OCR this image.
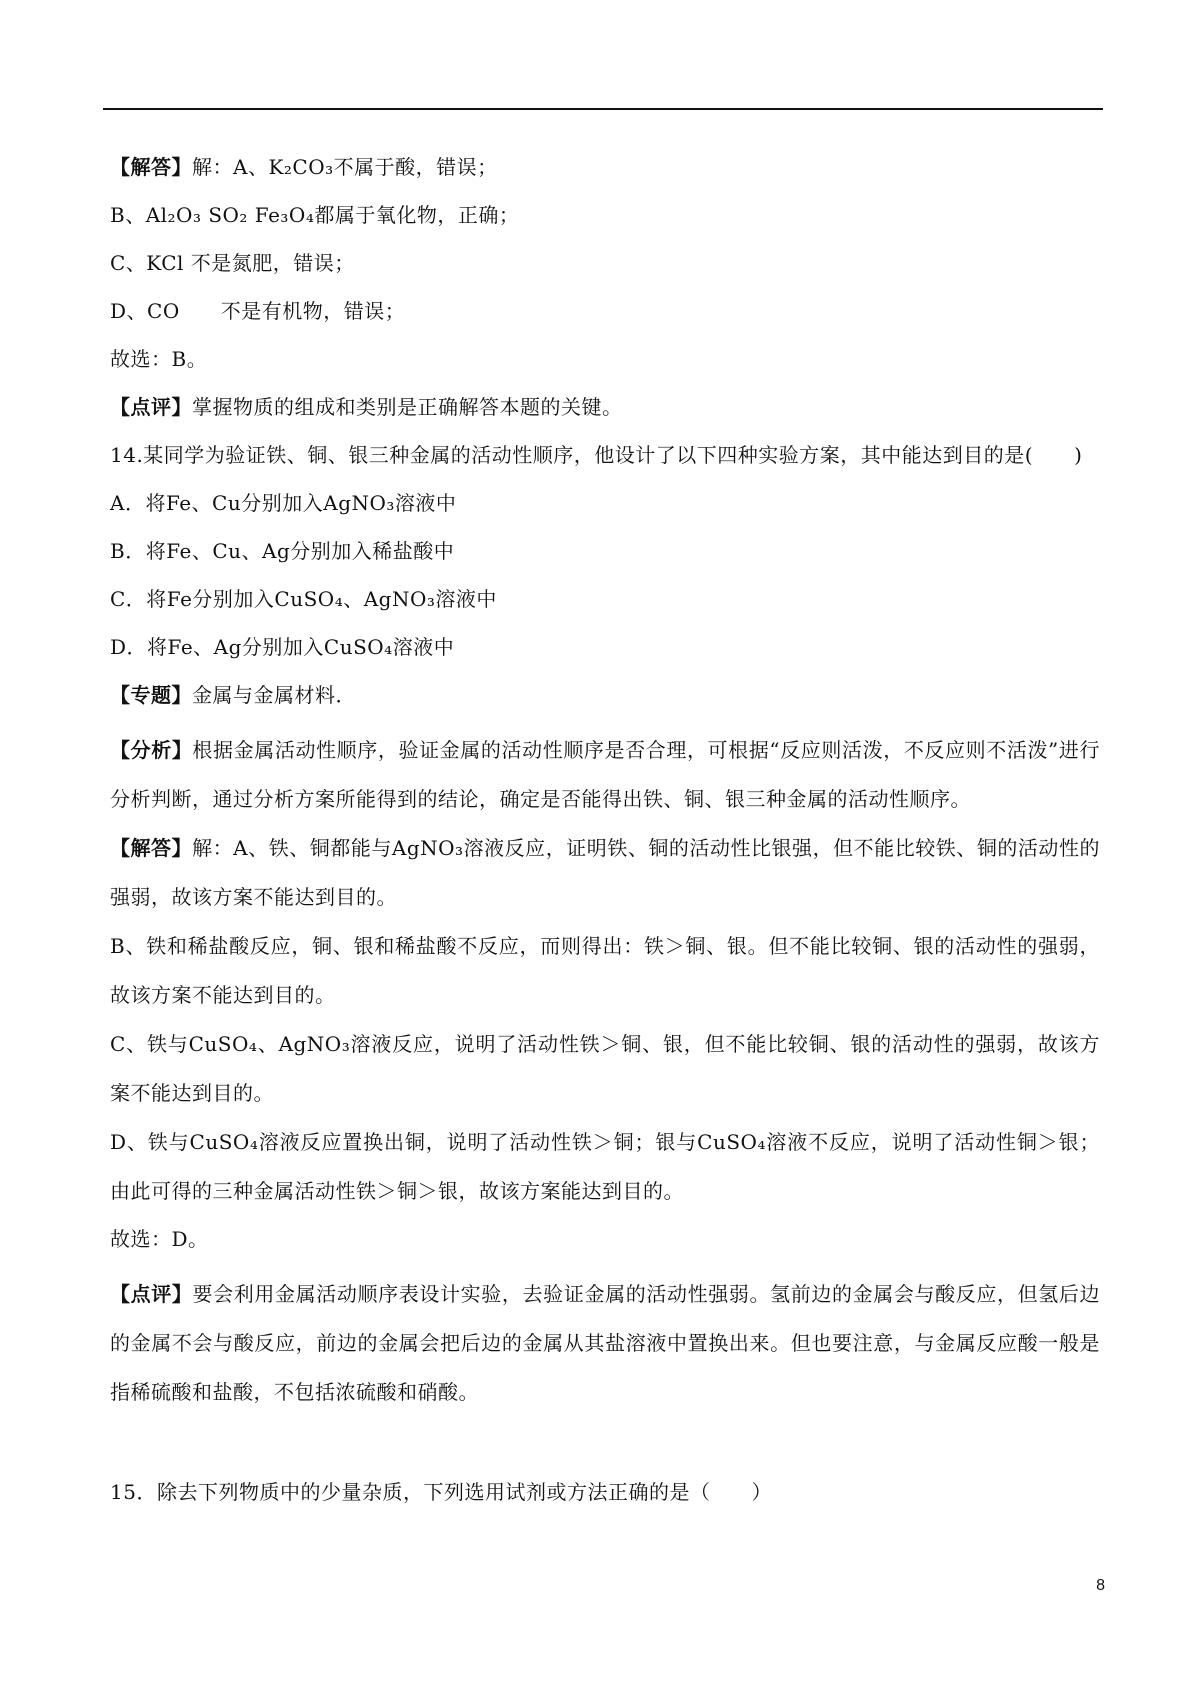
【解答】解：A、K₂CO₃不属于酸，错误；

B、Al₂O₃ SO₂ Fe₃O₄都属于氧化物，正确；

C、KCl 不是氮肥，错误；

D、CO　　不是有机物，错误；

故选：B。

【点评】掌握物质的组成和类别是正确解答本题的关键。

14.某同学为验证铁、铜、银三种金属的活动性顺序，他设计了以下四种实验方案，其中能达到目的是(　　)

A．将Fe、Cu分别加入AgNO₃溶液中

B．将Fe、Cu、Ag分别加入稀盐酸中

C．将Fe分别加入CuSO₄、AgNO₃溶液中

D．将Fe、Ag分别加入CuSO₄溶液中

【专题】金属与金属材料．

【分析】根据金属活动性顺序，验证金属的活动性顺序是否合理，可根据“反应则活泼，不反应则不活泼”进行分析判断，通过分析方案所能得到的结论，确定是否能得出铁、铜、银三种金属的活动性顺序。

【解答】解：A、铁、铜都能与AgNO₃溶液反应，证明铁、铜的活动性比银强，但不能比较铁、铜的活动性的强弱，故该方案不能达到目的。

B、铁和稀盐酸反应，铜、银和稀盐酸不反应，而则得出：铁＞铜、银。但不能比较铜、银的活动性的强弱，故该方案不能达到目的。

C、铁与CuSO₄、AgNO₃溶液反应，说明了活动性铁＞铜、银，但不能比较铜、银的活动性的强弱，故该方案不能达到目的。

D、铁与CuSO₄溶液反应置换出铜，说明了活动性铁＞铜；银与CuSO₄溶液不反应，说明了活动性铜＞银；由此可得的三种金属活动性铁＞铜＞银，故该方案能达到目的。

故选：D。

【点评】要会利用金属活动顺序表设计实验，去验证金属的活动性强弱。氢前边的金属会与酸反应，但氢后边的金属不会与酸反应，前边的金属会把后边的金属从其盐溶液中置换出来。但也要注意，与金属反应酸一般是指稀硫酸和盐酸，不包括浓硫酸和硝酸。

15．除去下列物质中的少量杂质，下列选用试剂或方法正确的是（　　）

8
